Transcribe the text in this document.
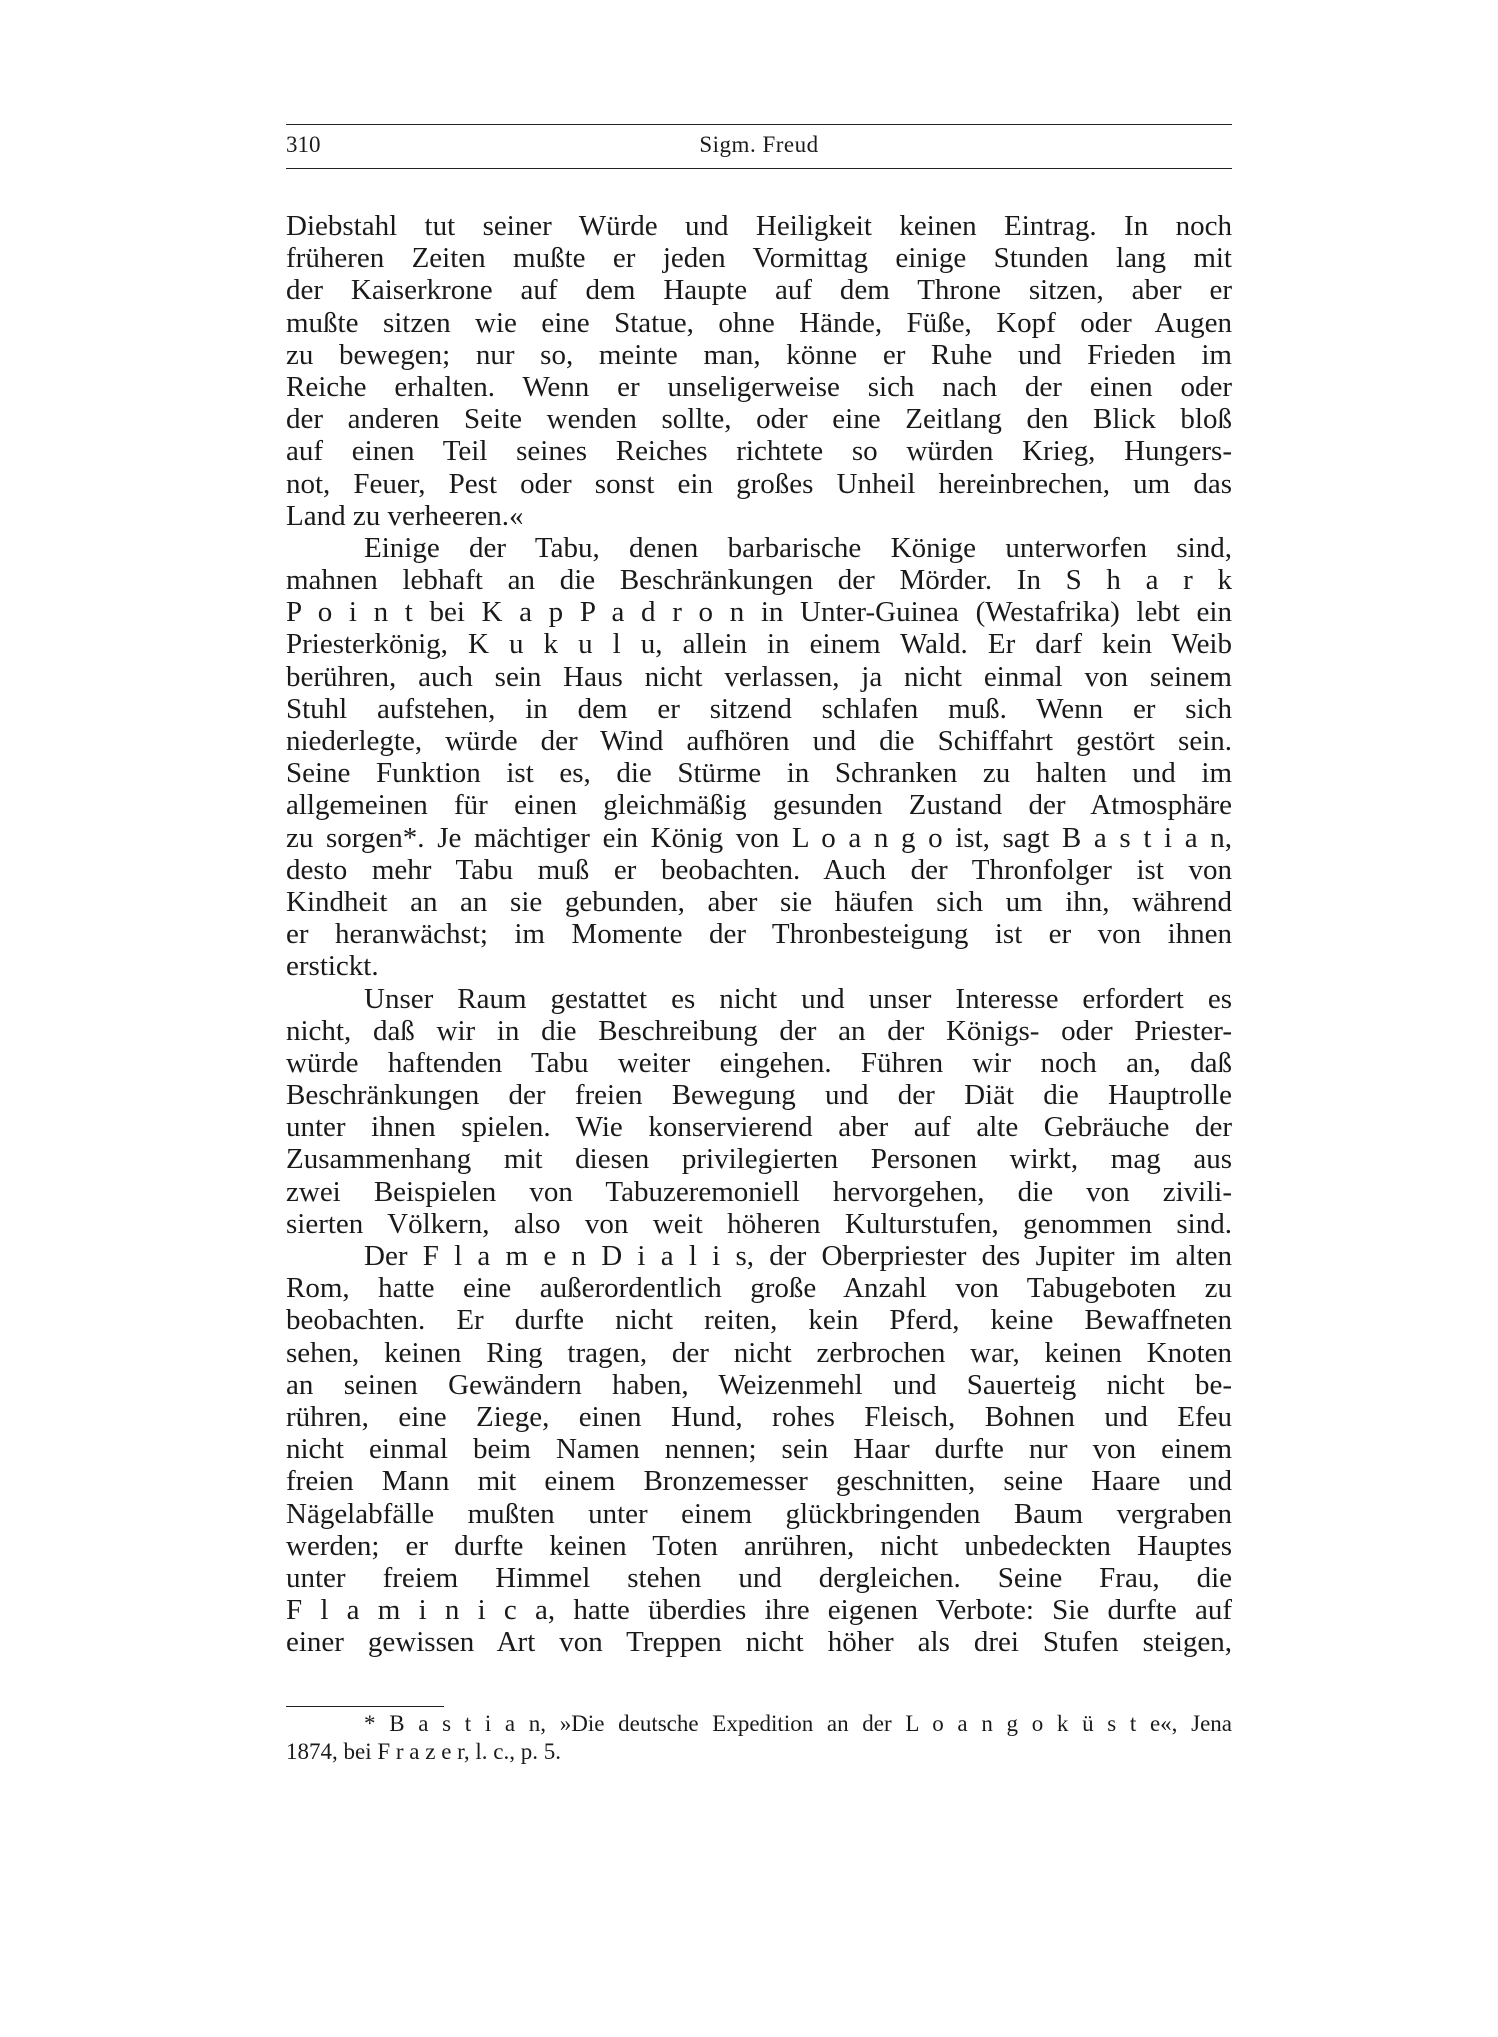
310	Sigm. Freud
Diebstahl tut seiner Würde und Heiligkeit keinen Eintrag. In noch
früheren Zeiten mußte er jeden Vormittag einige Stunden lang mit
der Kaiserkrone auf dem Haupte auf dem Throne sitzen, aber er
mußte sitzen wie eine Statue, ohne Hände, Füße, Kopf oder Augen
zu bewegen; nur so, meinte man, könne er Ruhe und Frieden im
Reiche erhalten. Wenn er unseligerweise sich nach der einen oder
der anderen Seite wenden sollte, oder eine Zeitlang den Blick bloß
auf einen Teil seines Reiches richtete so würden Krieg, Hungers-
not, Feuer, Pest oder sonst ein großes Unheil hereinbrechen, um das
Land zu verheeren.«
Einige der Tabu, denen barbarische Könige unterworfen sind,
mahnen lebhaft an die Beschränkungen der Mörder. In S h a r k
P o i n t bei K a p P a d r o n in Unter-Guinea (Westafrika) lebt ein
Priesterkönig, K u k u l u, allein in einem Wald. Er darf kein Weib
berühren, auch sein Haus nicht verlassen, ja nicht einmal von seinem
Stuhl aufstehen, in dem er sitzend schlafen muß. Wenn er sich
niederlegte, würde der Wind aufhören und die Schiffahrt gestört sein.
Seine Funktion ist es, die Stürme in Schranken zu halten und im
allgemeinen für einen gleichmäßig gesunden Zustand der Atmosphäre
zu sorgen*. Je mächtiger ein König von L o a n g o ist, sagt B a s t i a n,
desto mehr Tabu muß er beobachten. Auch der Thronfolger ist von
Kindheit an an sie gebunden, aber sie häufen sich um ihn, während
er heranwächst; im Momente der Thronbesteigung ist er von ihnen
erstickt.
Unser Raum gestattet es nicht und unser Interesse erfordert es
nicht, daß wir in die Beschreibung der an der Königs- oder Priester-
würde haftenden Tabu weiter eingehen. Führen wir noch an, daß
Beschränkungen der freien Bewegung und der Diät die Hauptrolle
unter ihnen spielen. Wie konservierend aber auf alte Gebräuche der
Zusammenhang mit diesen privilegierten Personen wirkt, mag aus
zwei Beispielen von Tabuzeremoniell hervorgehen, die von zivili-
sierten Völkern, also von weit höheren Kulturstufen, genommen sind.
Der F l a m e n D i a l i s, der Oberpriester des Jupiter im alten
Rom, hatte eine außerordentlich große Anzahl von Tabugeboten zu
beobachten. Er durfte nicht reiten, kein Pferd, keine Bewaffneten
sehen, keinen Ring tragen, der nicht zerbrochen war, keinen Knoten
an seinen Gewändern haben, Weizenmehl und Sauerteig nicht be-
rühren, eine Ziege, einen Hund, rohes Fleisch, Bohnen und Efeu
nicht einmal beim Namen nennen; sein Haar durfte nur von einem
freien Mann mit einem Bronzemesser geschnitten, seine Haare und
Nägelabfälle mußten unter einem glückbringenden Baum vergraben
werden; er durfte keinen Toten anrühren, nicht unbedeckten Hauptes
unter freiem Himmel stehen und dergleichen. Seine Frau, die
F l a m i n i c a, hatte überdies ihre eigenen Verbote: Sie durfte auf
einer gewissen Art von Treppen nicht höher als drei Stufen steigen,
* B a s t i a n, »Die deutsche Expedition an der L o a n g o k ü s t e«, Jena
1874, bei F r a z e r, l. c., p. 5.
